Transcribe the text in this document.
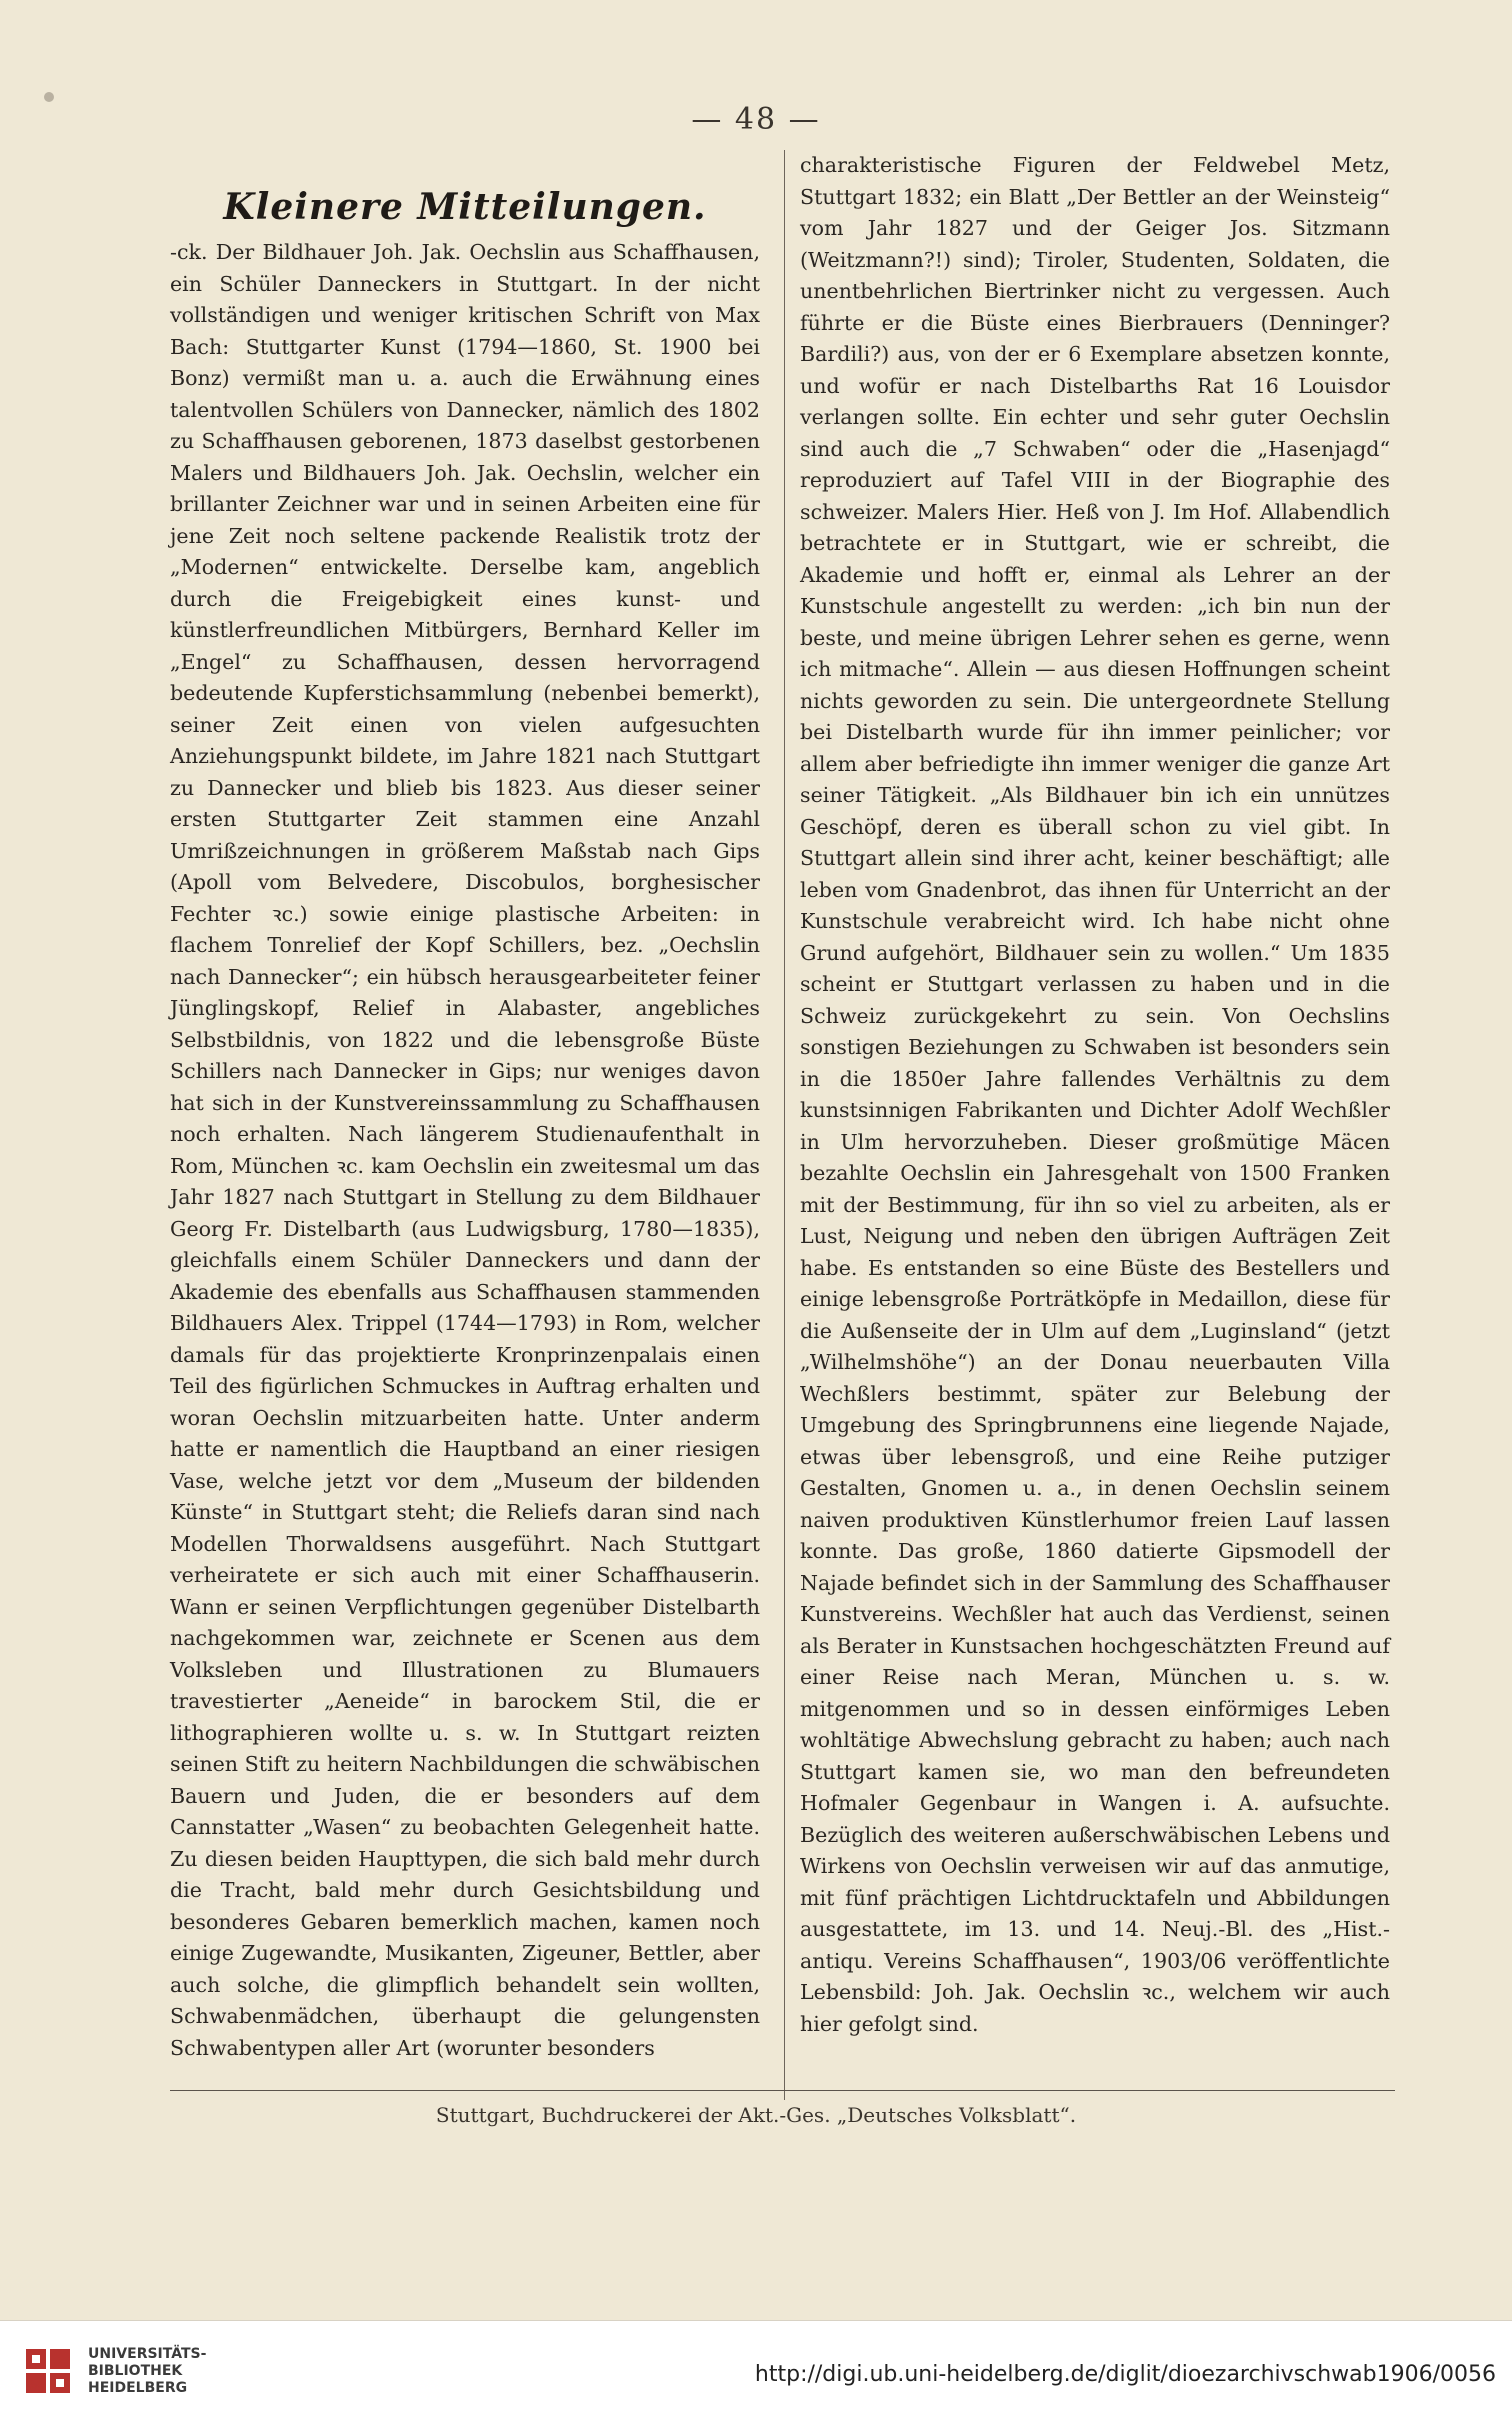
— 48 —
Kleinere Mitteilungen.

-ck. Der Bildhauer Joh. Jak. Oechslin aus Schaffhausen, ein Schüler Danneckers in Stuttgart. In der nicht vollständigen und weniger kritischen Schrift von Max Bach: Stuttgarter Kunst (1794—1860, St. 1900 bei Bonz) vermißt man u. a. auch die Erwähnung eines talentvollen Schülers von Dannecker, nämlich des 1802 zu Schaffhausen geborenen, 1873 daselbst gestorbenen Malers und Bildhauers Joh. Jak. Oechslin, welcher ein brillanter Zeichner war und in seinen Arbeiten eine für jene Zeit noch seltene packende Realistik trotz der „Modernen“ entwickelte. Derselbe kam, angeblich durch die Freigebigkeit eines kunst- und künstlerfreundlichen Mitbürgers, Bernhard Keller im „Engel“ zu Schaffhausen, dessen hervorragend bedeutende Kupferstichsammlung (nebenbei bemerkt), seiner Zeit einen von vielen aufgesuchten Anziehungspunkt bildete, im Jahre 1821 nach Stuttgart zu Dannecker und blieb bis 1823. Aus dieser seiner ersten Stuttgarter Zeit stammen eine Anzahl Umrißzeichnungen in größerem Maßstab nach Gips (Apoll vom Belvedere, Discobulos, borghesischer Fechter ꝛc.) sowie einige plastische Arbeiten: in flachem Tonrelief der Kopf Schillers, bez. „Oechslin nach Dannecker“; ein hübsch herausgearbeiteter feiner Jünglingskopf, Relief in Alabaster, angebliches Selbstbildnis, von 1822 und die lebensgroße Büste Schillers nach Dannecker in Gips; nur weniges davon hat sich in der Kunstvereinssammlung zu Schaffhausen noch erhalten. Nach längerem Studienaufenthalt in Rom, München ꝛc. kam Oechslin ein zweitesmal um das Jahr 1827 nach Stuttgart in Stellung zu dem Bildhauer Georg Fr. Distelbarth (aus Ludwigsburg, 1780—1835), gleichfalls einem Schüler Danneckers und dann der Akademie des ebenfalls aus Schaffhausen stammenden Bildhauers Alex. Trippel (1744—1793) in Rom, welcher damals für das projektierte Kronprinzenpalais einen Teil des figürlichen Schmuckes in Auftrag erhalten und woran Oechslin mitzuarbeiten hatte. Unter anderm hatte er namentlich die Hauptband an einer riesigen Vase, welche jetzt vor dem „Museum der bildenden Künste“ in Stuttgart steht; die Reliefs daran sind nach Modellen Thorwaldsens ausgeführt. Nach Stuttgart verheiratete er sich auch mit einer Schaffhauserin. Wann er seinen Verpflichtungen gegenüber Distelbarth nachgekommen war, zeichnete er Scenen aus dem Volksleben und Illustrationen zu Blumauers travestierter „Aeneide“ in barockem Stil, die er lithographieren wollte u. s. w. In Stuttgart reizten seinen Stift zu heitern Nachbildungen die schwäbischen Bauern und Juden, die er besonders auf dem Cannstatter „Wasen“ zu beobachten Gelegenheit hatte. Zu diesen beiden Haupttypen, die sich bald mehr durch die Tracht, bald mehr durch Gesichtsbildung und besonderes Gebaren bemerklich machen, kamen noch einige Zugewandte, Musikanten, Zigeuner, Bettler, aber auch solche, die glimpflich behandelt sein wollten, Schwabenmädchen, überhaupt die gelungensten Schwabentypen aller Art (worunter besonders

charakteristische Figuren der Feldwebel Metz, Stuttgart 1832; ein Blatt „Der Bettler an der Weinsteig“ vom Jahr 1827 und der Geiger Jos. Sitzmann (Weitzmann?!) sind); Tiroler, Studenten, Soldaten, die unentbehrlichen Biertrinker nicht zu vergessen. Auch führte er die Büste eines Bierbrauers (Denninger? Bardili?) aus, von der er 6 Exemplare absetzen konnte, und wofür er nach Distelbarths Rat 16 Louisdor verlangen sollte. Ein echter und sehr guter Oechslin sind auch die „7 Schwaben“ oder die „Hasenjagd“ reproduziert auf Tafel VIII in der Biographie des schweizer. Malers Hier. Heß von J. Im Hof. Allabendlich betrachtete er in Stuttgart, wie er schreibt, die Akademie und hofft er, einmal als Lehrer an der Kunstschule angestellt zu werden: „ich bin nun der beste, und meine übrigen Lehrer sehen es gerne, wenn ich mitmache“. Allein — aus diesen Hoffnungen scheint nichts geworden zu sein. Die untergeordnete Stellung bei Distelbarth wurde für ihn immer peinlicher; vor allem aber befriedigte ihn immer weniger die ganze Art seiner Tätigkeit. „Als Bildhauer bin ich ein unnützes Geschöpf, deren es überall schon zu viel gibt. In Stuttgart allein sind ihrer acht, keiner beschäftigt; alle leben vom Gnadenbrot, das ihnen für Unterricht an der Kunstschule verabreicht wird. Ich habe nicht ohne Grund aufgehört, Bildhauer sein zu wollen.“ Um 1835 scheint er Stuttgart verlassen zu haben und in die Schweiz zurückgekehrt zu sein. Von Oechslins sonstigen Beziehungen zu Schwaben ist besonders sein in die 1850er Jahre fallendes Verhältnis zu dem kunstsinnigen Fabrikanten und Dichter Adolf Wechßler in Ulm hervorzuheben. Dieser großmütige Mäcen bezahlte Oechslin ein Jahresgehalt von 1500 Franken mit der Bestimmung, für ihn so viel zu arbeiten, als er Lust, Neigung und neben den übrigen Aufträgen Zeit habe. Es entstanden so eine Büste des Bestellers und einige lebensgroße Porträtköpfe in Medaillon, diese für die Außenseite der in Ulm auf dem „Luginsland“ (jetzt „Wilhelmshöhe“) an der Donau neuerbauten Villa Wechßlers bestimmt, später zur Belebung der Umgebung des Springbrunnens eine liegende Najade, etwas über lebensgroß, und eine Reihe putziger Gestalten, Gnomen u. a., in denen Oechslin seinem naiven produktiven Künstlerhumor freien Lauf lassen konnte. Das große, 1860 datierte Gipsmodell der Najade befindet sich in der Sammlung des Schaffhauser Kunstvereins. Wechßler hat auch das Verdienst, seinen als Berater in Kunstsachen hochgeschätzten Freund auf einer Reise nach Meran, München u. s. w. mitgenommen und so in dessen einförmiges Leben wohltätige Abwechslung gebracht zu haben; auch nach Stuttgart kamen sie, wo man den befreundeten Hofmaler Gegenbaur in Wangen i. A. aufsuchte. Bezüglich des weiteren außerschwäbischen Lebens und Wirkens von Oechslin verweisen wir auf das anmutige, mit fünf prächtigen Lichtdrucktafeln und Abbildungen ausgestattete, im 13. und 14. Neuj.-Bl. des „Hist.-antiqu. Vereins Schaffhausen“, 1903/06 veröffentlichte Lebensbild: Joh. Jak. Oechslin ꝛc., welchem wir auch hier gefolgt sind.

Stuttgart, Buchdruckerei der Akt.-Ges. „Deutsches Volksblatt“.
UNIVERSITÄTS-
BIBLIOTHEK
HEIDELBERG
http://digi.ub.uni-heidelberg.de/diglit/dioezarchivschwab1906/0056
